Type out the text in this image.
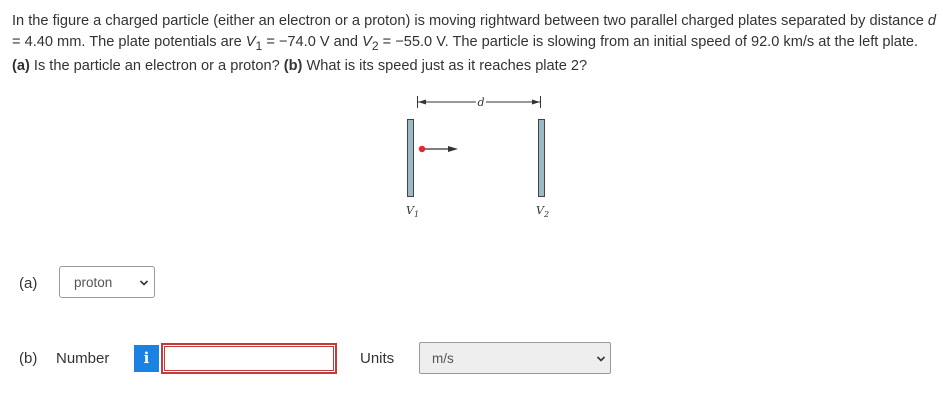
In the figure a charged particle (either an electron or a proton) is moving rightward between two parallel charged plates separated by distance d = 4.40 mm. The plate potentials are $V_1 = -74.0$ V and $V_2 = -55.0$ V. The particle is slowing from an initial speed of 92.0 km/s at the left plate. (a) Is the particle an electron or a proton? (b) What is its speed just as it reaches plate 2?
d
$V_1$	$V_2$
(a)	proton
(b) Number	i	Units	m/s
